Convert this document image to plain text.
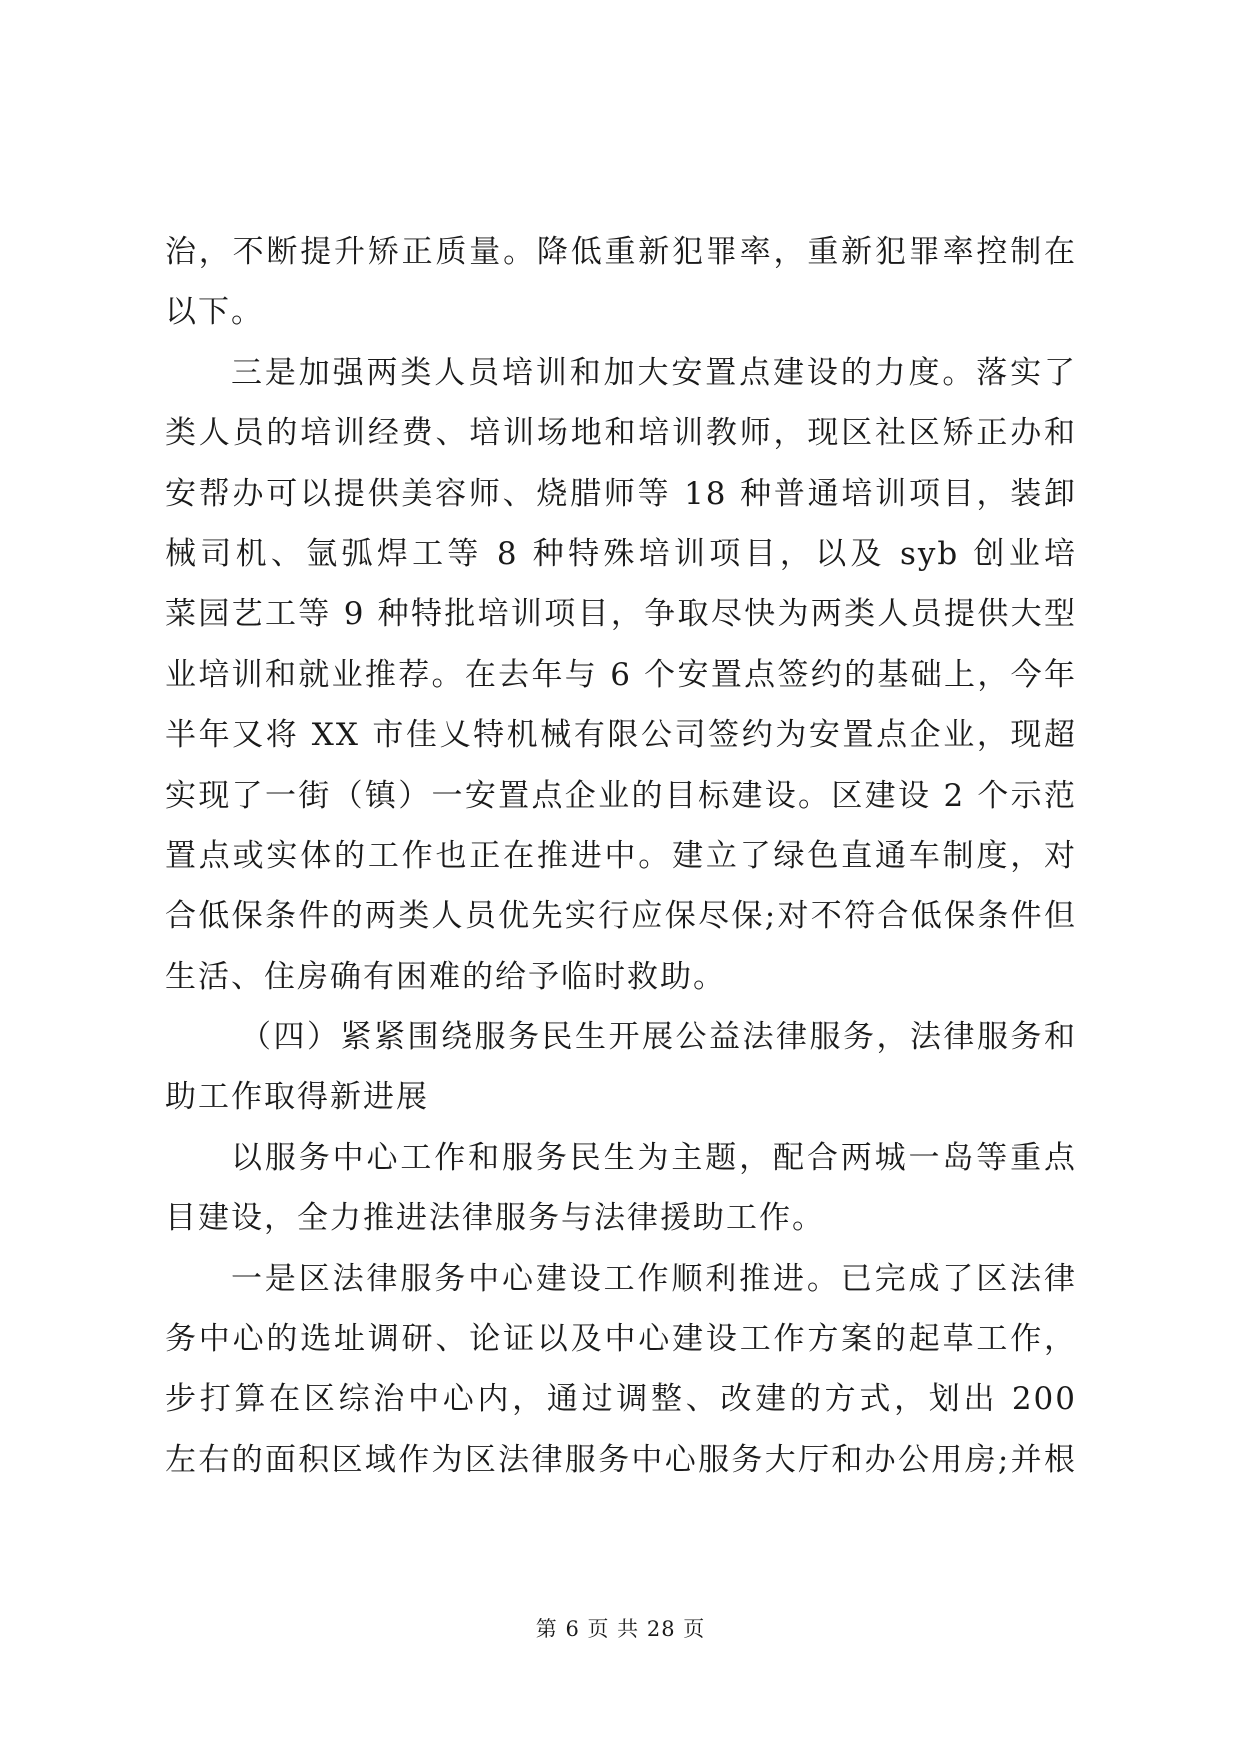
治，不断提升矫正质量。降低重新犯罪率，重新犯罪率控制在
以下。
三是加强两类人员培训和加大安置点建设的力度。落实了
类人员的培训经费、培训场地和培训教师，现区社区矫正办和
安帮办可以提供美容师、烧腊师等 18 种普通培训项目，装卸
械司机、氩弧焊工等 8 种特殊培训项目，以及 syb 创业培
菜园艺工等 9 种特批培训项目，争取尽快为两类人员提供大型
业培训和就业推荐。在去年与 6 个安置点签约的基础上，今年
半年又将 XX 市佳乂特机械有限公司签约为安置点企业，现超
实现了一街（镇）一安置点企业的目标建设。区建设 2 个示范
置点或实体的工作也正在推进中。建立了绿色直通车制度，对
合低保条件的两类人员优先实行应保尽保;对不符合低保条件但
生活、住房确有困难的给予临时救助。
（四）紧紧围绕服务民生开展公益法律服务，法律服务和
助工作取得新进展
以服务中心工作和服务民生为主题，配合两城一岛等重点
目建设，全力推进法律服务与法律援助工作。
一是区法律服务中心建设工作顺利推进。已完成了区法律
务中心的选址调研、论证以及中心建设工作方案的起草工作，
步打算在区综治中心内，通过调整、改建的方式，划出 200
左右的面积区域作为区法律服务中心服务大厅和办公用房;并根
第 6 页 共 28 页
